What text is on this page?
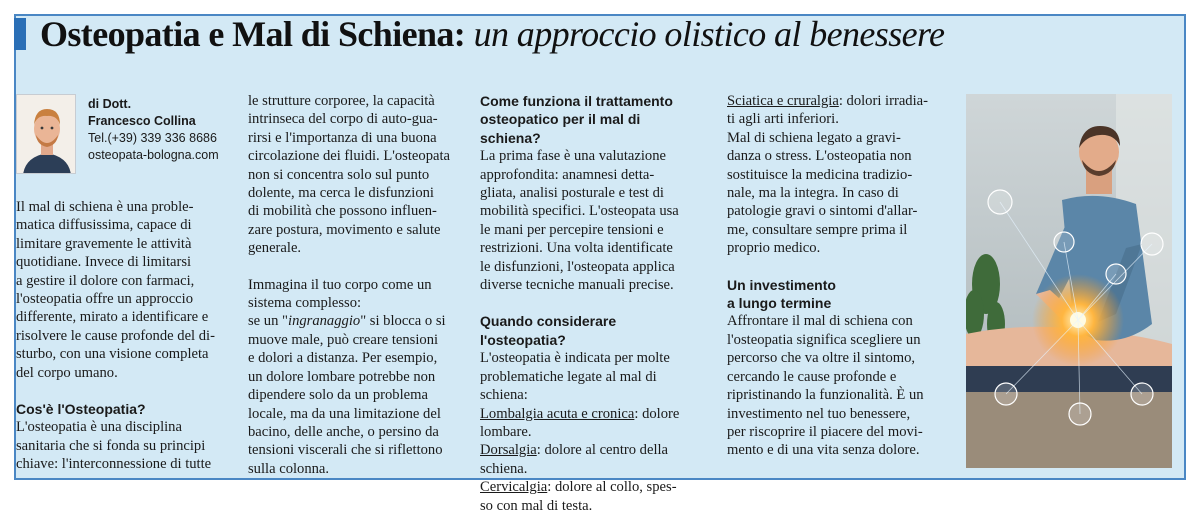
Osteopatia e Mal di Schiena: un approccio olistico al benessere
di Dott.
Francesco Collina
Tel.(+39) 339 336 8686
osteopata-bologna.com

Il mal di schiena è una proble-

matica diffusissima, capace di

limitare gravemente le attività

quotidiane. Invece di limitarsi

a gestire il dolore con farmaci,

l'osteopatia offre un approccio

differente, mirato a identificare e

risolvere le cause profonde del di-

sturbo, con una visione completa

del corpo umano.

Cos'è l'Osteopatia?

L'osteopatia è una disciplina

sanitaria che si fonda su principi

chiave: l'interconnessione di tutte

le strutture corporee, la capacità

intrinseca del corpo di auto-gua-

rirsi e l'importanza di una buona

circolazione dei fluidi. L'osteopata

non si concentra solo sul punto

dolente, ma cerca le disfunzioni

di mobilità che possono influen-

zare postura, movimento e salute

generale.

Immagina il tuo corpo come un

sistema complesso:

se un "ingranaggio" si blocca o si

muove male, può creare tensioni

e dolori a distanza. Per esempio,

un dolore lombare potrebbe non

dipendere solo da un problema

locale, ma da una limitazione del

bacino, delle anche, o persino da

tensioni viscerali che si riflettono

sulla colonna.

Come funziona il trattamento
osteopatico per il mal di schiena?

La prima fase è una valutazione

approfondita: anamnesi detta-

gliata, analisi posturale e test di

mobilità specifici. L'osteopata usa

le mani per percepire tensioni e

restrizioni. Una volta identificate

le disfunzioni, l'osteopata applica

diverse tecniche manuali precise.

Quando considerare l'osteopatia?

L'osteopatia è indicata per molte

problematiche legate al mal di

schiena:

Lombalgia acuta e cronica: dolore

lombare.

Dorsalgia: dolore al centro della

schiena.

Cervicalgia: dolore al collo, spes-

so con mal di testa.

Sciatica e cruralgia: dolori irradia-

ti agli arti inferiori.

Mal di schiena legato a gravi-

danza o stress. L'osteopatia non

sostituisce la medicina tradizio-

nale, ma la integra. In caso di

patologie gravi o sintomi d'allar-

me, consultare sempre prima il

proprio medico.

Un investimento
a lungo termine

Affrontare il mal di schiena con

l'osteopatia significa scegliere un

percorso che va oltre il sintomo,

cercando le cause profonde e

ripristinando la funzionalità. È un

investimento nel tuo benessere,

per riscoprire il piacere del movi-

mento e di una vita senza dolore.
